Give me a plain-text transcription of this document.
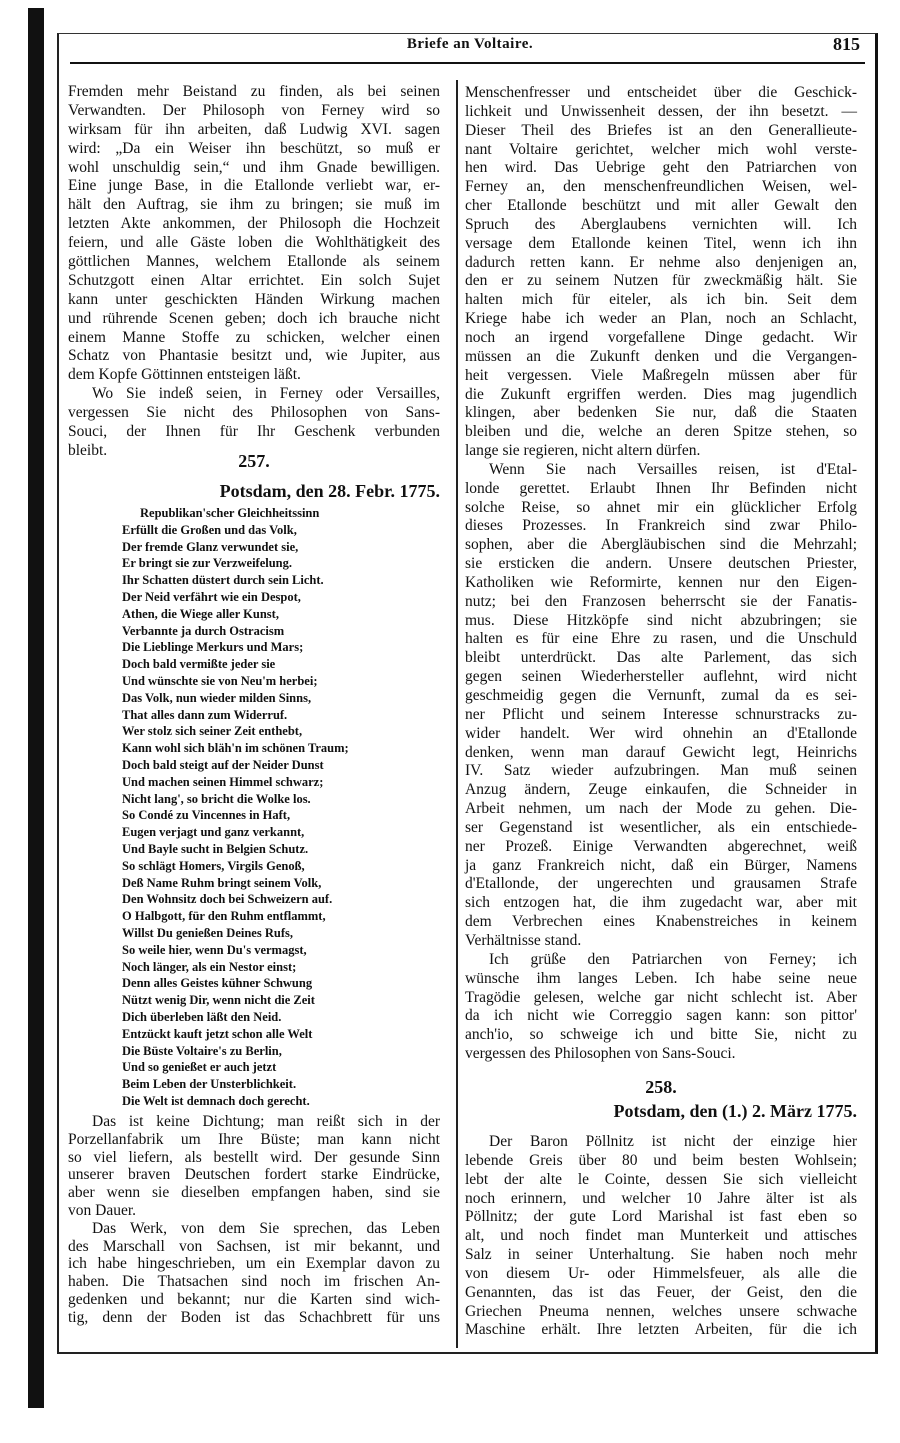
Briefe an Voltaire.	815
Fremden mehr Beistand zu finden, als bei seinen
Verwandten. Der Philosoph von Ferney wird so
wirksam für ihn arbeiten, daß Ludwig XVI. sagen
wird: „Da ein Weiser ihn beschützt, so muß er
wohl unschuldig sein,“ und ihm Gnade bewilligen.
Eine junge Base, in die Etallonde verliebt war, er-
hält den Auftrag, sie ihm zu bringen; sie muß im
letzten Akte ankommen, der Philosoph die Hochzeit
feiern, und alle Gäste loben die Wohlthätigkeit des
göttlichen Mannes, welchem Etallonde als seinem
Schutzgott einen Altar errichtet. Ein solch Sujet
kann unter geschickten Händen Wirkung machen
und rührende Scenen geben; doch ich brauche nicht
einem Manne Stoffe zu schicken, welcher einen
Schatz von Phantasie besitzt und, wie Jupiter, aus
dem Kopfe Göttinnen entsteigen läßt.
Wo Sie indeß seien, in Ferney oder Versailles,
vergessen Sie nicht des Philosophen von Sans-
Souci, der Ihnen für Ihr Geschenk verbunden
bleibt.
257.
Potsdam, den 28. Febr. 1775.
Republikan'scher Gleichheitssinn
Erfüllt die Großen und das Volk,
Der fremde Glanz verwundet sie,
Er bringt sie zur Verzweifelung.
Ihr Schatten düstert durch sein Licht.
Der Neid verfährt wie ein Despot,
Athen, die Wiege aller Kunst,
Verbannte ja durch Ostracism
Die Lieblinge Merkurs und Mars;
Doch bald vermißte jeder sie
Und wünschte sie von Neu'm herbei;
Das Volk, nun wieder milden Sinns,
That alles dann zum Widerruf.
Wer stolz sich seiner Zeit enthebt,
Kann wohl sich bläh'n im schönen Traum;
Doch bald steigt auf der Neider Dunst
Und machen seinen Himmel schwarz;
Nicht lang', so bricht die Wolke los.
So Condé zu Vincennes in Haft,
Eugen verjagt und ganz verkannt,
Und Bayle sucht in Belgien Schutz.
So schlägt Homers, Virgils Genoß,
Deß Name Ruhm bringt seinem Volk,
Den Wohnsitz doch bei Schweizern auf.
O Halbgott, für den Ruhm entflammt,
Willst Du genießen Deines Rufs,
So weile hier, wenn Du's vermagst,
Noch länger, als ein Nestor einst;
Denn alles Geistes kühner Schwung
Nützt wenig Dir, wenn nicht die Zeit
Dich überleben läßt den Neid.
Entzückt kauft jetzt schon alle Welt
Die Büste Voltaire's zu Berlin,
Und so genießet er auch jetzt
Beim Leben der Unsterblichkeit.
Die Welt ist demnach doch gerecht.
Das ist keine Dichtung; man reißt sich in der
Porzellanfabrik um Ihre Büste; man kann nicht
so viel liefern, als bestellt wird. Der gesunde Sinn
unserer braven Deutschen fordert starke Eindrücke,
aber wenn sie dieselben empfangen haben, sind sie
von Dauer.
Das Werk, von dem Sie sprechen, das Leben
des Marschall von Sachsen, ist mir bekannt, und
ich habe hingeschrieben, um ein Exemplar davon zu
haben. Die Thatsachen sind noch im frischen An-
gedenken und bekannt; nur die Karten sind wich-
tig, denn der Boden ist das Schachbrett für uns
Menschenfresser und entscheidet über die Geschick-
lichkeit und Unwissenheit dessen, der ihn besetzt. —
Dieser Theil des Briefes ist an den Generallieute-
nant Voltaire gerichtet, welcher mich wohl verste-
hen wird. Das Uebrige geht den Patriarchen von
Ferney an, den menschenfreundlichen Weisen, wel-
cher Etallonde beschützt und mit aller Gewalt den
Spruch des Aberglaubens vernichten will. Ich
versage dem Etallonde keinen Titel, wenn ich ihn
dadurch retten kann. Er nehme also denjenigen an,
den er zu seinem Nutzen für zweckmäßig hält. Sie
halten mich für eiteler, als ich bin. Seit dem
Kriege habe ich weder an Plan, noch an Schlacht,
noch an irgend vorgefallene Dinge gedacht. Wir
müssen an die Zukunft denken und die Vergangen-
heit vergessen. Viele Maßregeln müssen aber für
die Zukunft ergriffen werden. Dies mag jugendlich
klingen, aber bedenken Sie nur, daß die Staaten
bleiben und die, welche an deren Spitze stehen, so
lange sie regieren, nicht altern dürfen.
Wenn Sie nach Versailles reisen, ist d'Etal-
londe gerettet. Erlaubt Ihnen Ihr Befinden nicht
solche Reise, so ahnet mir ein glücklicher Erfolg
dieses Prozesses. In Frankreich sind zwar Philo-
sophen, aber die Abergläubischen sind die Mehrzahl;
sie ersticken die andern. Unsere deutschen Priester,
Katholiken wie Reformirte, kennen nur den Eigen-
nutz; bei den Franzosen beherrscht sie der Fanatis-
mus. Diese Hitzköpfe sind nicht abzubringen; sie
halten es für eine Ehre zu rasen, und die Unschuld
bleibt unterdrückt. Das alte Parlement, das sich
gegen seinen Wiederhersteller auflehnt, wird nicht
geschmeidig gegen die Vernunft, zumal da es sei-
ner Pflicht und seinem Interesse schnurstracks zu-
wider handelt. Wer wird ohnehin an d'Etallonde
denken, wenn man darauf Gewicht legt, Heinrichs
IV. Satz wieder aufzubringen. Man muß seinen
Anzug ändern, Zeuge einkaufen, die Schneider in
Arbeit nehmen, um nach der Mode zu gehen. Die-
ser Gegenstand ist wesentlicher, als ein entschiede-
ner Prozeß. Einige Verwandten abgerechnet, weiß
ja ganz Frankreich nicht, daß ein Bürger, Namens
d'Etallonde, der ungerechten und grausamen Strafe
sich entzogen hat, die ihm zugedacht war, aber mit
dem Verbrechen eines Knabenstreiches in keinem
Verhältnisse stand.
Ich grüße den Patriarchen von Ferney; ich
wünsche ihm langes Leben. Ich habe seine neue
Tragödie gelesen, welche gar nicht schlecht ist. Aber
da ich nicht wie Correggio sagen kann: son pittor'
anch'io, so schweige ich und bitte Sie, nicht zu
vergessen des Philosophen von Sans-Souci.
258.
Potsdam, den (1.) 2. März 1775.
Der Baron Pöllnitz ist nicht der einzige hier
lebende Greis über 80 und beim besten Wohlsein;
lebt der alte le Cointe, dessen Sie sich vielleicht
noch erinnern, und welcher 10 Jahre älter ist als
Pöllnitz; der gute Lord Marishal ist fast eben so
alt, und noch findet man Munterkeit und attisches
Salz in seiner Unterhaltung. Sie haben noch mehr
von diesem Ur- oder Himmelsfeuer, als alle die
Genannten, das ist das Feuer, der Geist, den die
Griechen Pneuma nennen, welches unsere schwache
Maschine erhält. Ihre letzten Arbeiten, für die ich
